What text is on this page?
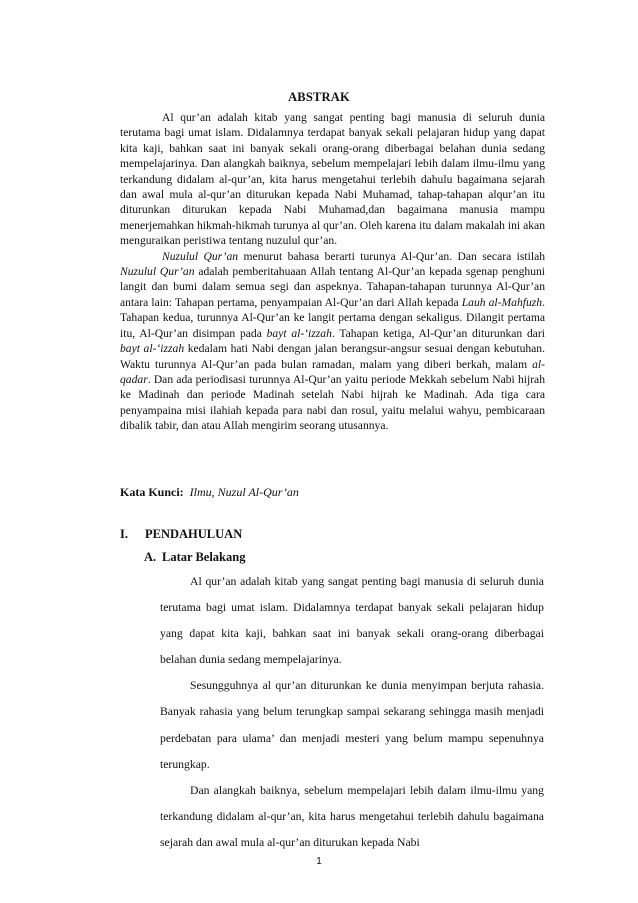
ABSTRAK

Al qur’an adalah kitab yang sangat penting bagi manusia di seluruh dunia terutama bagi umat islam. Didalamnya terdapat banyak sekali pelajaran hidup yang dapat kita kaji, bahkan saat ini banyak sekali orang-orang diberbagai belahan dunia sedang mempelajarinya. Dan alangkah baiknya, sebelum mempelajari lebih dalam ilmu-ilmu yang terkandung didalam al-qur’an, kita harus mengetahui terlebih dahulu bagaimana sejarah dan awal mula al-qur’an diturukan kepada Nabi Muhamad, tahap-tahapan alqur’an itu diturunkan diturukan kepada Nabi Muhamad,dan bagaimana manusia mampu menerjemahkan hikmah-hikmah turunya al qur’an. Oleh karena itu dalam makalah ini akan menguraikan peristiwa tentang nuzulul qur’an.

Nuzulul Qur’an menurut bahasa berarti turunya Al-Qur’an. Dan secara istilah Nuzulul Qur’an adalah pemberitahuaan Allah tentang Al-Qur’an kepada sgenap penghuni langit dan bumi dalam semua segi dan aspeknya. Tahapan-tahapan turunnya Al-Qur’an antara lain: Tahapan pertama, penyampaian Al-Qur’an dari Allah kepada Lauh al-Mahfuzh. Tahapan kedua, turunnya Al-Qur’an ke langit pertama dengan sekaligus. Dilangit pertama itu, Al-Qur’an disimpan pada bayt al-‘izzah. Tahapan ketiga, Al-Qur’an diturunkan dari bayt al-‘izzah kedalam hati Nabi dengan jalan berangsur-angsur sesuai dengan kebutuhan. Waktu turunnya Al-Qur’an pada bulan ramadan, malam yang diberi berkah, malam al-qadar. Dan ada periodisasi turunnya Al-Qur’an yaitu periode Mekkah sebelum Nabi hijrah ke Madinah dan periode Madinah setelah Nabi hijrah ke Madinah. Ada tiga cara penyampaina misi ilahiah kepada para nabi dan rosul, yaitu melalui wahyu, pembicaraan dibalik tabir, dan atau Allah mengirim seorang utusannya.

Kata Kunci: Ilmu, Nuzul Al-Qur’an
I. PENDAHULUAN
A. Latar Belakang

Al qur’an adalah kitab yang sangat penting bagi manusia di seluruh dunia terutama bagi umat islam. Didalamnya terdapat banyak sekali pelajaran hidup yang dapat kita kaji, bahkan saat ini banyak sekali orang-orang diberbagai belahan dunia sedang mempelajarinya.

Sesungguhnya al qur’an diturunkan ke dunia menyimpan berjuta rahasia. Banyak rahasia yang belum terungkap sampai sekarang sehingga masih menjadi perdebatan para ulama’ dan menjadi mesteri yang belum mampu sepenuhnya terungkap.

Dan alangkah baiknya, sebelum mempelajari lebih dalam ilmu-ilmu yang terkandung didalam al-qur’an, kita harus mengetahui terlebih dahulu bagaimana sejarah dan awal mula al-qur’an diturukan kepada Nabi

1
